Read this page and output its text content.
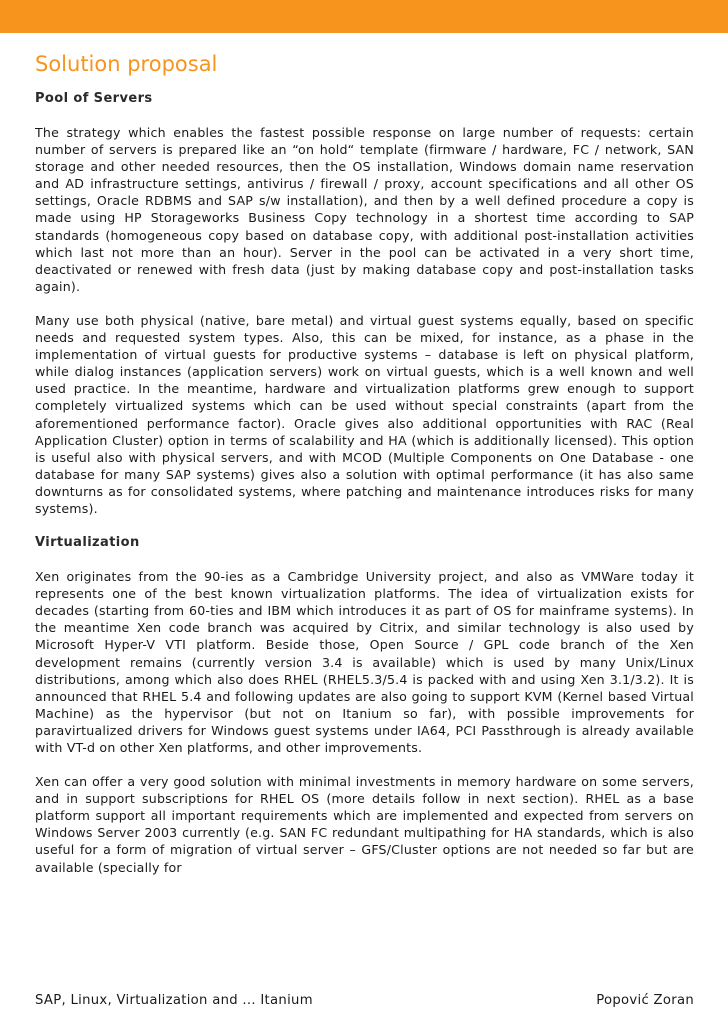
Solution proposal
Pool of Servers

The strategy which enables the fastest possible response on large number of requests: certain number of servers is prepared like an “on hold“ template (firmware / hardware, FC / network, SAN storage and other needed resources, then the OS installation, Windows domain name reservation and AD infrastructure settings, antivirus / firewall / proxy, account specifications and all other OS settings, Oracle RDBMS and SAP s/w installation), and then by a well defined procedure a copy is made using HP Storageworks Business Copy technology in a shortest time according to SAP standards (homogeneous copy based on database copy, with additional post-installation activities which last not more than an hour). Server in the pool can be activated in a very short time, deactivated or renewed with fresh data (just by making database copy and post-installation tasks again).

Many use both physical (native, bare metal) and virtual guest systems equally, based on specific needs and requested system types. Also, this can be mixed, for instance, as a phase in the implementation of virtual guests for productive systems – database is left on physical platform, while dialog instances (application servers) work on virtual guests, which is a well known and well used practice. In the meantime, hardware and virtualization platforms grew enough to support completely virtualized systems which can be used without special constraints (apart from the aforementioned performance factor). Oracle gives also additional opportunities with RAC (Real Application Cluster) option in terms of scalability and HA (which is additionally licensed). This option is useful also with physical servers, and with MCOD (Multiple Components on One Database - one database for many SAP systems) gives also a solution with optimal performance (it has also same downturns as for consolidated systems, where patching and maintenance introduces risks for many systems).

Virtualization

Xen originates from the 90-ies as a Cambridge University project, and also as VMWare today it represents one of the best known virtualization platforms. The idea of virtualization exists for decades (starting from 60-ties and IBM which introduces it as part of OS for mainframe systems). In the meantime Xen code branch was acquired by Citrix, and similar technology is also used by Microsoft Hyper-V VTI platform. Beside those, Open Source / GPL code branch of the Xen development remains (currently version 3.4 is available) which is used by many Unix/Linux distributions, among which also does RHEL (RHEL5.3/5.4 is packed with and using Xen 3.1/3.2). It is announced that RHEL 5.4 and following updates are also going to support KVM (Kernel based Virtual Machine) as the hypervisor (but not on Itanium so far), with possible improvements for paravirtualized drivers for Windows guest systems under IA64, PCI Passthrough is already available with VT-d on other Xen platforms, and other improvements.

Xen can offer a very good solution with minimal investments in memory hardware on some servers, and in support subscriptions for RHEL OS (more details follow in next section). RHEL as a base platform support all important requirements which are implemented and expected from servers on Windows Server 2003 currently (e.g. SAN FC redundant multipathing for HA standards, which is also useful for a form of migration of virtual server – GFS/Cluster options are not needed so far but are available (specially for

SAP, Linux, Virtualization and ... Itanium	Popović Zoran
